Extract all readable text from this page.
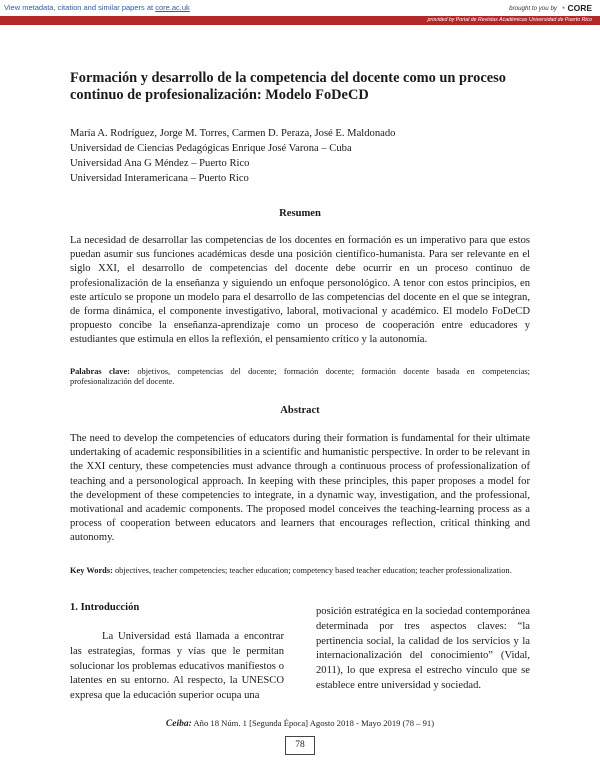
View metadata, citation and similar papers at core.ac.uk	brought to you by ◔ CORE
provided by Portal de Revistas Académicas Universidad de Puerto Rico
Formación y desarrollo de la competencia del docente como un proceso continuo de profesionalización: Modelo FoDeCD
María A. Rodríguez, Jorge M. Torres, Carmen D. Peraza, José E. Maldonado
Universidad de Ciencias Pedagógicas Enrique José Varona – Cuba
Universidad Ana G Méndez – Puerto Rico
Universidad Interamericana – Puerto Rico
Resumen
La necesidad de desarrollar las competencias de los docentes en formación es un imperativo para que estos puedan asumir sus funciones académicas desde una posición científico-humanista. Para ser relevante en el siglo XXI, el desarrollo de competencias del docente debe ocurrir en un proceso continuo de profesionalización de la enseñanza y siguiendo un enfoque personológico. A tenor con estos principios, en este artículo se propone un modelo para el desarrollo de las competencias del docente en el que se integran, de forma dinámica, el componente investigativo, laboral, motivacional y académico. El modelo FoDeCD propuesto concibe la enseñanza-aprendizaje como un proceso de cooperación entre educadores y estudiantes que estimula en ellos la reflexión, el pensamiento crítico y la autonomía.
Palabras clave: objetivos, competencias del docente; formación docente; formación docente basada en competencias; profesionalización del docente.
Abstract
The need to develop the competencies of educators during their formation is fundamental for their ultimate undertaking of academic responsibilities in a scientific and humanistic perspective. In order to be relevant in the XXI century, these competencies must advance through a continuous process of professionalization of teaching and a personological approach. In keeping with these principles, this paper proposes a model for the development of these competencies to integrate, in a dynamic way, investigation, and the professional, motivational and academic components. The proposed model conceives the teaching-learning process as a process of cooperation between educators and learners that encourages reflection, critical thinking and autonomy.
Key Words: objectives, teacher competencies; teacher education; competency based teacher education; teacher professionalization.
1. Introducción
La Universidad está llamada a encontrar las estrategias, formas y vías que le permitan solucionar los problemas educativos manifiestos o latentes en su entorno. Al respecto, la UNESCO expresa que la educación superior ocupa una
posición estratégica en la sociedad contemporánea determinada por tres aspectos claves: “la pertinencia social, la calidad de los servicios y la internacionalización del conocimiento” (Vidal, 2011), lo que expresa el estrecho vínculo que se establece entre universidad y sociedad.
Ceiba: Año 18 Núm. 1 [Segunda Época] Agosto 2018 - Mayo 2019 (78 – 91)
78
